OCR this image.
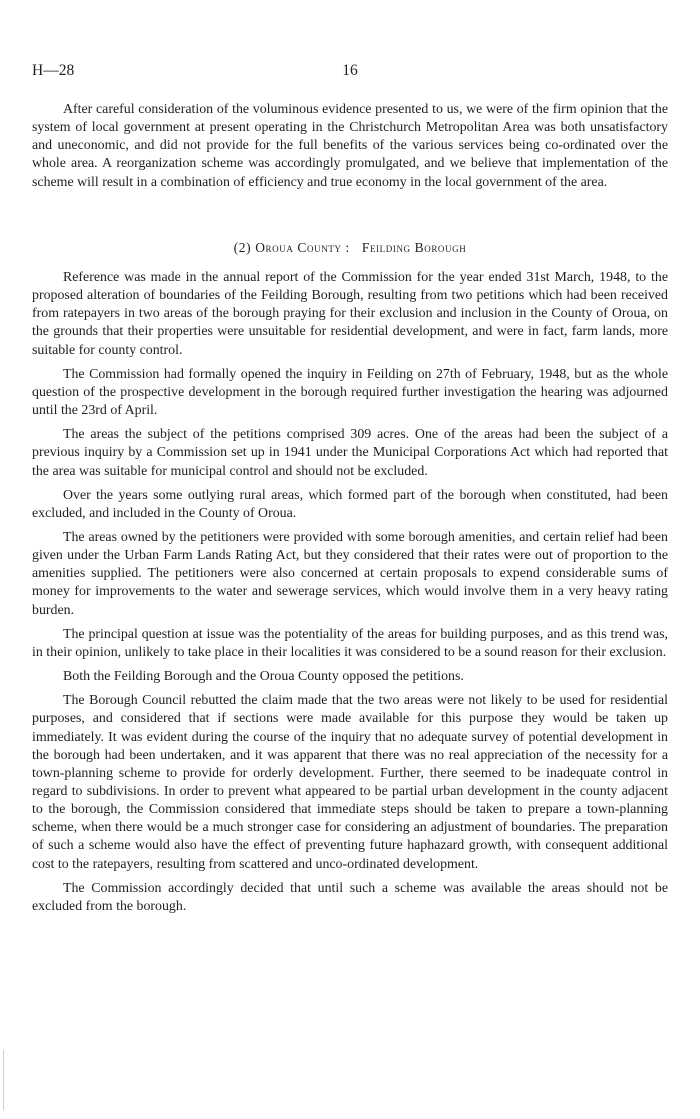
H—28	16

After careful consideration of the voluminous evidence presented to us, we were of the firm opinion that the system of local government at present operating in the Christchurch Metropolitan Area was both unsatisfactory and uneconomic, and did not provide for the full benefits of the various services being co-ordinated over the whole area. A reorganization scheme was accordingly promulgated, and we believe that implementation of the scheme will result in a combination of efficiency and true economy in the local government of the area.

(2) Oroua County : Feilding Borough

Reference was made in the annual report of the Commission for the year ended 31st March, 1948, to the proposed alteration of boundaries of the Feilding Borough, resulting from two petitions which had been received from ratepayers in two areas of the borough praying for their exclusion and inclusion in the County of Oroua, on the grounds that their properties were unsuitable for residential development, and were in fact, farm lands, more suitable for county control.

The Commission had formally opened the inquiry in Feilding on 27th of February, 1948, but as the whole question of the prospective development in the borough required further investigation the hearing was adjourned until the 23rd of April.

The areas the subject of the petitions comprised 309 acres. One of the areas had been the subject of a previous inquiry by a Commission set up in 1941 under the Municipal Corporations Act which had reported that the area was suitable for municipal control and should not be excluded.

Over the years some outlying rural areas, which formed part of the borough when constituted, had been excluded, and included in the County of Oroua.

The areas owned by the petitioners were provided with some borough amenities, and certain relief had been given under the Urban Farm Lands Rating Act, but they considered that their rates were out of proportion to the amenities supplied. The petitioners were also concerned at certain proposals to expend considerable sums of money for improvements to the water and sewerage services, which would involve them in a very heavy rating burden.

The principal question at issue was the potentiality of the areas for building purposes, and as this trend was, in their opinion, unlikely to take place in their localities it was considered to be a sound reason for their exclusion.

Both the Feilding Borough and the Oroua County opposed the petitions.

The Borough Council rebutted the claim made that the two areas were not likely to be used for residential purposes, and considered that if sections were made available for this purpose they would be taken up immediately. It was evident during the course of the inquiry that no adequate survey of potential development in the borough had been undertaken, and it was apparent that there was no real appreciation of the necessity for a town-planning scheme to provide for orderly development. Further, there seemed to be inadequate control in regard to subdivisions. In order to prevent what appeared to be partial urban development in the county adjacent to the borough, the Commission considered that immediate steps should be taken to prepare a town-planning scheme, when there would be a much stronger case for considering an adjustment of boundaries. The preparation of such a scheme would also have the effect of preventing future haphazard growth, with consequent additional cost to the ratepayers, resulting from scattered and unco-ordinated development.

The Commission accordingly decided that until such a scheme was available the areas should not be excluded from the borough.
